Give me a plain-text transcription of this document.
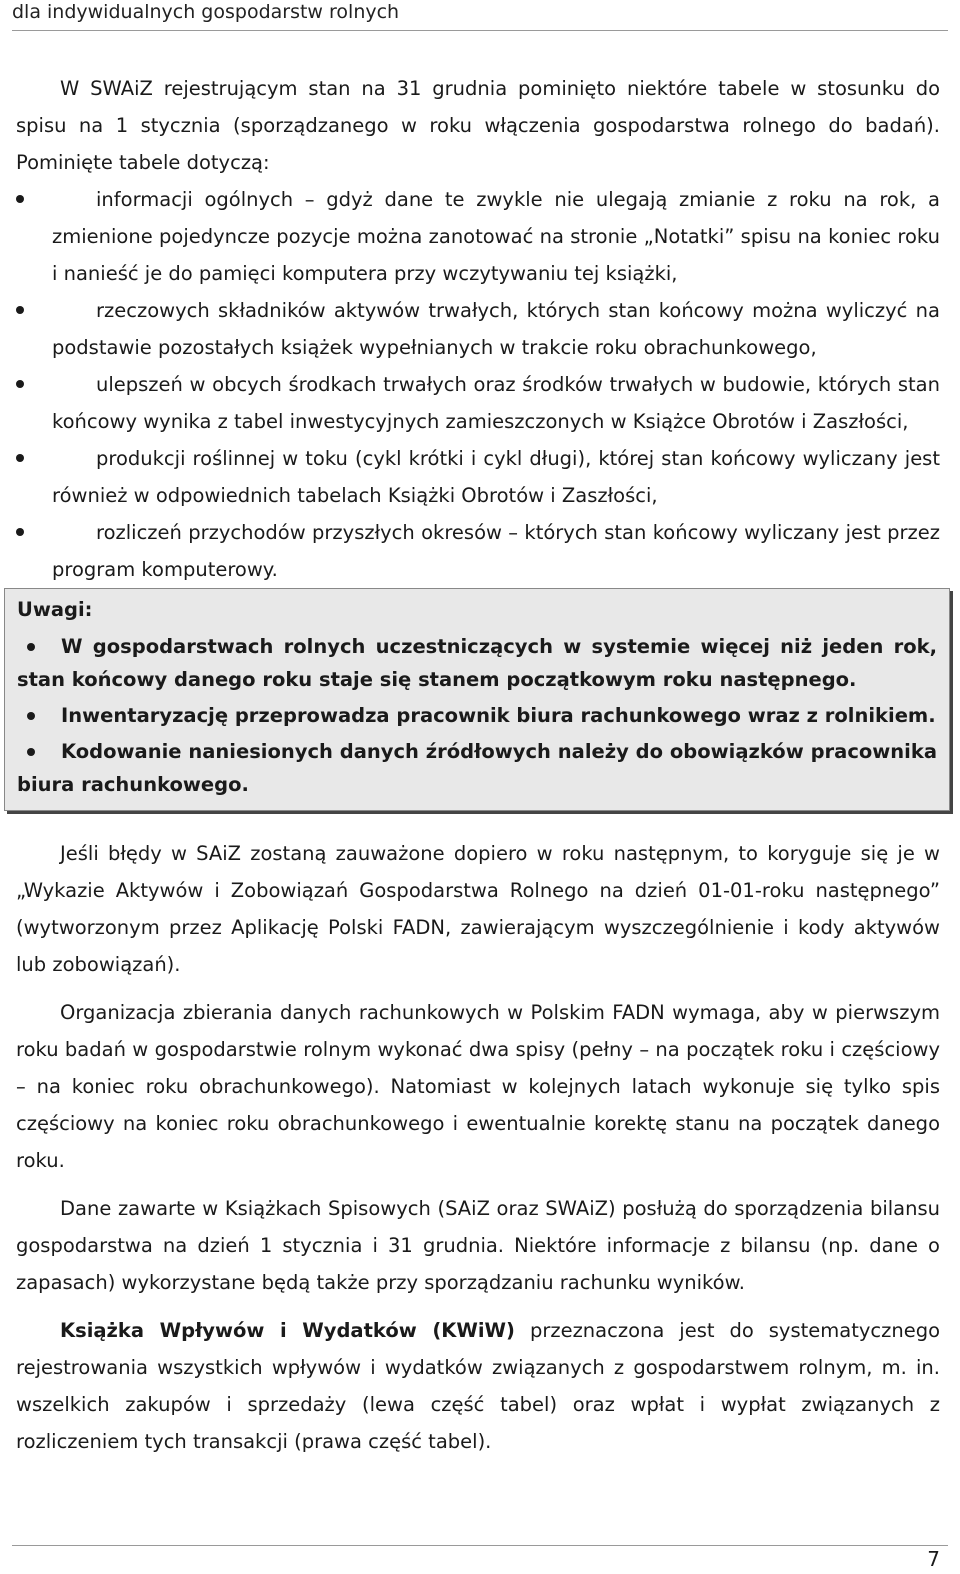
dla indywidualnych gospodarstw rolnych

W SWAiZ rejestrującym stan na 31 grudnia pominięto niektóre tabele w stosunku do spisu na 1 stycznia (sporządzanego w roku włączenia gospodarstwa rolnego do badań). Pominięte tabele dotyczą:

informacji ogólnych – gdyż dane te zwykle nie ulegają zmianie z roku na rok, a zmienione pojedyncze pozycje można zanotować na stronie „Notatki” spisu na koniec roku i nanieść je do pamięci komputera przy wczytywaniu tej książki,
rzeczowych składników aktywów trwałych, których stan końcowy można wyliczyć na podstawie pozostałych książek wypełnianych w trakcie roku obrachunkowego,
ulepszeń w obcych środkach trwałych oraz środków trwałych w budowie, których stan końcowy wynika z tabel inwestycyjnych zamieszczonych w Książce Obrotów i Zaszłości,
produkcji roślinnej w toku (cykl krótki i cykl długi), której stan końcowy wyliczany jest również w odpowiednich tabelach Książki Obrotów i Zaszłości,
rozliczeń przychodów przyszłych okresów – których stan końcowy wyliczany jest przez program komputerowy.
Uwagi:
W gospodarstwach rolnych uczestniczących w systemie więcej niż jeden rok, stan końcowy danego roku staje się stanem początkowym roku następnego.
Inwentaryzację przeprowadza pracownik biura rachunkowego wraz z rolnikiem.
Kodowanie naniesionych danych źródłowych należy do obowiązków pracownika biura rachunkowego.

Jeśli błędy w SAiZ zostaną zauważone dopiero w roku następnym, to koryguje się je w „Wykazie Aktywów i Zobowiązań Gospodarstwa Rolnego na dzień 01-01-roku następnego” (wytworzonym przez Aplikację Polski FADN, zawierającym wyszczególnienie i kody aktywów lub zobowiązań).

Organizacja zbierania danych rachunkowych w Polskim FADN wymaga, aby w pierwszym roku badań w gospodarstwie rolnym wykonać dwa spisy (pełny – na początek roku i częściowy – na koniec roku obrachunkowego). Natomiast w kolejnych latach wykonuje się tylko spis częściowy na koniec roku obrachunkowego i ewentualnie korektę stanu na początek danego roku.

Dane zawarte w Książkach Spisowych (SAiZ oraz SWAiZ) posłużą do sporządzenia bilansu gospodarstwa na dzień 1 stycznia i 31 grudnia. Niektóre informacje z bilansu (np. dane o zapasach) wykorzystane będą także przy sporządzaniu rachunku wyników.

Książka Wpływów i Wydatków (KWiW) przeznaczona jest do systematycznego rejestrowania wszystkich wpływów i wydatków związanych z gospodarstwem rolnym, m. in. wszelkich zakupów i sprzedaży (lewa część tabel) oraz wpłat i wypłat związanych z rozliczeniem tych transakcji (prawa część tabel).

7
